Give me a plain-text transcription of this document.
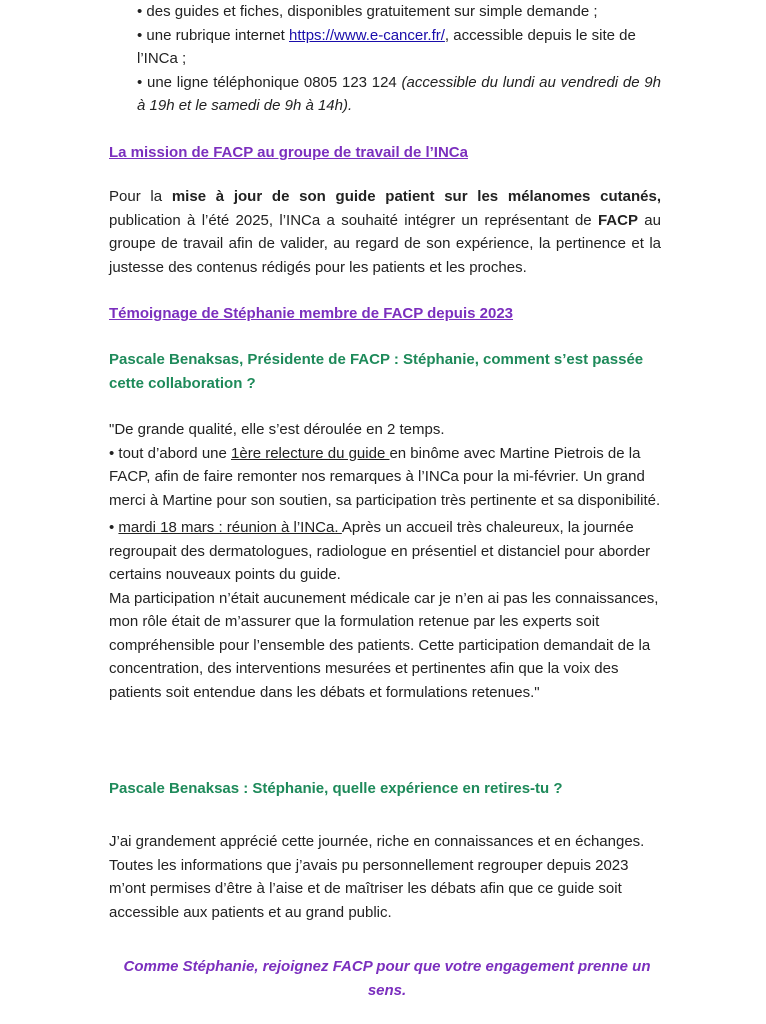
• des guides et fiches, disponibles gratuitement sur simple demande ;

• une rubrique internet https://www.e-cancer.fr/, accessible depuis le site de l’INCa ;

• une ligne téléphonique 0805 123 124 (accessible du lundi au vendredi de 9h à 19h et le samedi de 9h à 14h).

La mission de FACP au groupe de travail de l’INCa

Pour la mise à jour de son guide patient sur les mélanomes cutanés, publication à l’été 2025, l’INCa a souhaité intégrer un représentant de FACP au groupe de travail afin de valider, au regard de son expérience, la pertinence et la justesse des contenus rédigés pour les patients et les proches.

Témoignage de Stéphanie membre de FACP depuis 2023

Pascale Benaksas, Présidente de FACP : Stéphanie, comment s’est passée cette collaboration ?

"De grande qualité, elle s’est déroulée en 2 temps.

• tout d’abord une 1ère relecture du guide en binôme avec Martine Pietrois de la FACP, afin de faire remonter nos remarques à l’INCa pour la mi-février. Un grand merci à Martine pour son soutien, sa participation très pertinente et sa disponibilité.

• mardi 18 mars : réunion à l’INCa. Après un accueil très chaleureux, la journée regroupait des dermatologues, radiologue en présentiel et distanciel pour aborder certains nouveaux points du guide.

Ma participation n’était aucunement médicale car je n’en ai pas les connaissances, mon rôle était de m’assurer que la formulation retenue par les experts soit compréhensible pour l’ensemble des patients. Cette participation demandait de la concentration, des interventions mesurées et pertinentes afin que la voix des patients soit entendue dans les débats et formulations retenues."

Pascale Benaksas : Stéphanie, quelle expérience en retires-tu ?

J’ai grandement apprécié cette journée, riche en connaissances et en échanges. Toutes les informations que j’avais pu personnellement regrouper depuis 2023 m’ont permises d’être à l’aise et de maîtriser les débats afin que ce guide soit accessible aux patients et au grand public.

Comme Stéphanie, rejoignez FACP pour que votre engagement prenne un sens.
